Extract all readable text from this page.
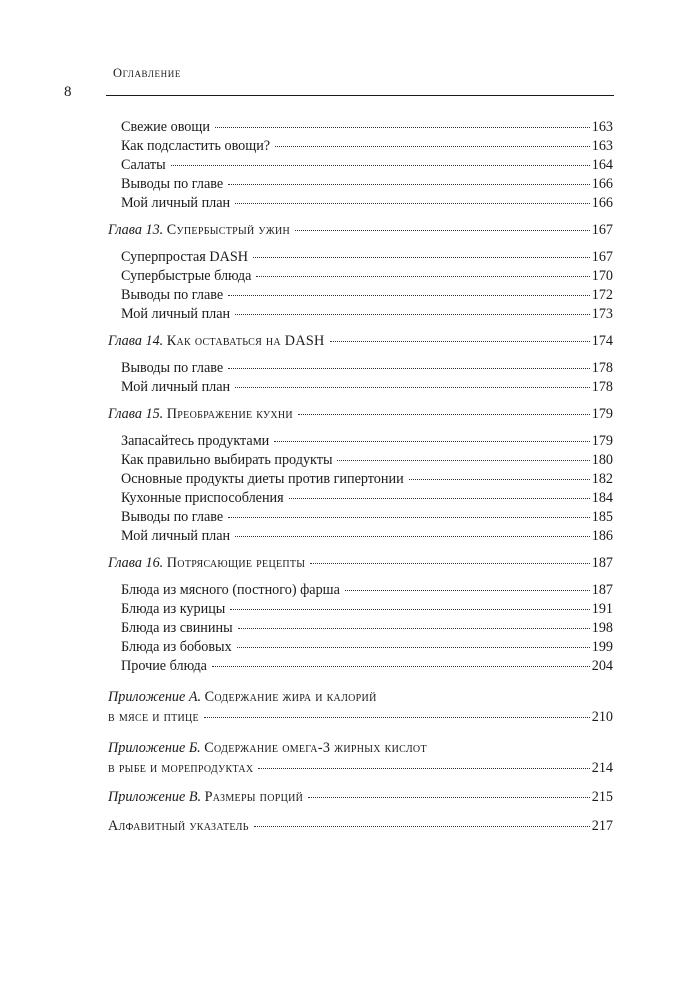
Оглавление
8
Свежие овощи	163
Как подсластить овощи?	163
Салаты	164
Выводы по главе	166
Мой личный план	166
Глава 13. Супербыстрый ужин	167
Суперпростая DASH	167
Супербыстрые блюда	170
Выводы по главе	172
Мой личный план	173
Глава 14. Как оставаться на DASH	174
Выводы по главе	178
Мой личный план	178
Глава 15. Преображение кухни	179
Запасайтесь продуктами	179
Как правильно выбирать продукты	180
Основные продукты диеты против гипертонии	182
Кухонные приспособления	184
Выводы по главе	185
Мой личный план	186
Глава 16. Потрясающие рецепты	187
Блюда из мясного (постного) фарша	187
Блюда из курицы	191
Блюда из свинины	198
Блюда из бобовых	199
Прочие блюда	204
Приложение А. Содержание жира и калорий
в мясе и птице	210
Приложение Б. Содержание омега-3 жирных кислот
в рыбе и морепродуктах	214
Приложение В. Размеры порций	215
Алфавитный указатель	217
